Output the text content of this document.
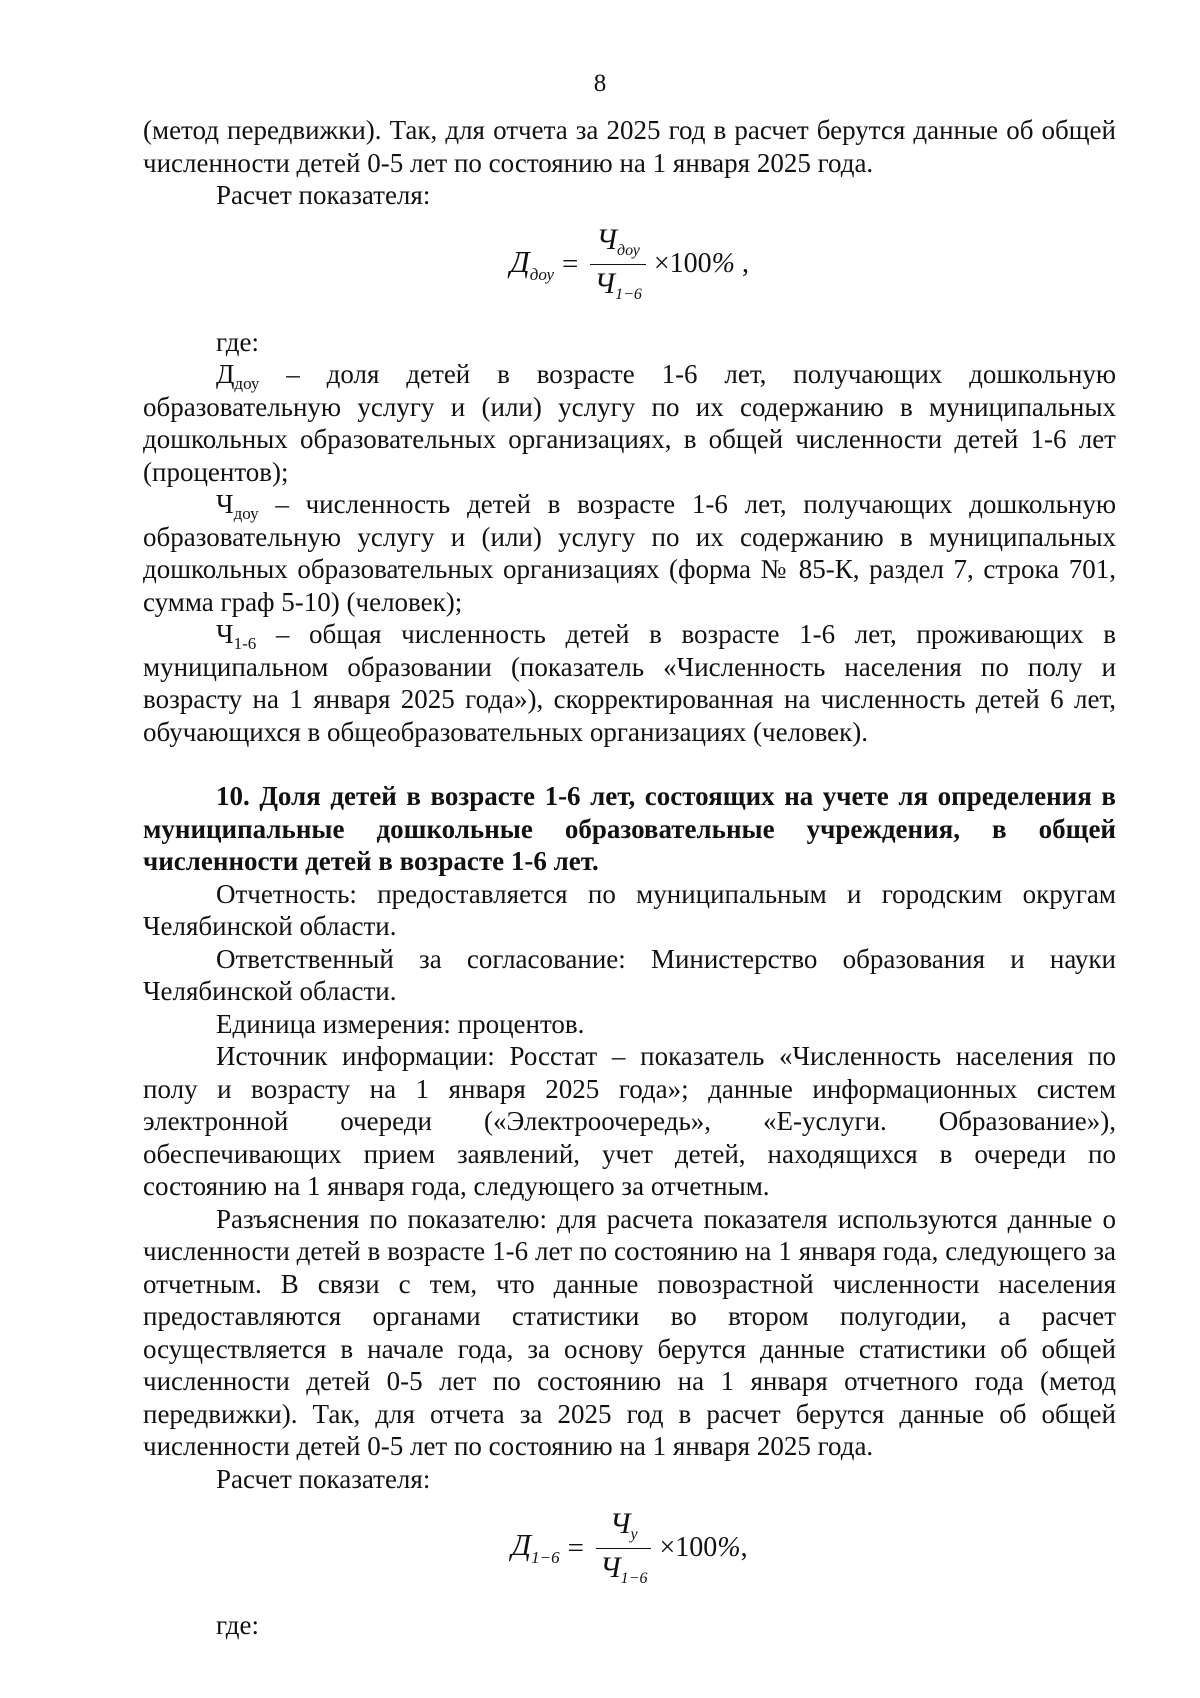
8

(метод передвижки). Так, для отчета за 2025 год в расчет берутся данные об общей численности детей 0-5 лет по состоянию на 1 января 2025 года.

Расчет показателя:

$Д_{доу} = \frac{Ч_{доу}}{Ч_{1-6}} \times 100\%$ ,

где:

$Д_{доу}$ – доля детей в возрасте 1-6 лет, получающих дошкольную образовательную услугу и (или) услугу по их содержанию в муниципальных дошкольных образовательных организациях, в общей численности детей 1-6 лет (процентов);

$Ч_{доу}$ – численность детей в возрасте 1-6 лет, получающих дошкольную образовательную услугу и (или) услугу по их содержанию в муниципальных дошкольных образовательных организациях (форма № 85-К, раздел 7, строка 701, сумма граф 5-10) (человек);

$Ч_{1-6}$ – общая численность детей в возрасте 1-6 лет, проживающих в муниципальном образовании (показатель «Численность населения по полу и возрасту на 1 января 2025 года»), скорректированная на численность детей 6 лет, обучающихся в общеобразовательных организациях (человек).

10. Доля детей в возрасте 1-6 лет, состоящих на учете ля определения в муниципальные дошкольные образовательные учреждения, в общей численности детей в возрасте 1-6 лет.

Отчетность: предоставляется по муниципальным и городским округам Челябинской области.

Ответственный за согласование: Министерство образования и науки Челябинской области.

Единица измерения: процентов.

Источник информации: Росстат – показатель «Численность населения по полу и возрасту на 1 января 2025 года»; данные информационных систем электронной очереди («Электроочередь», «Е-услуги. Образование»), обеспечивающих прием заявлений, учет детей, находящихся в очереди по состоянию на 1 января года, следующего за отчетным.

Разъяснения по показателю: для расчета показателя используются данные о численности детей в возрасте 1-6 лет по состоянию на 1 января года, следующего за отчетным. В связи с тем, что данные повозрастной численности населения предоставляются органами статистики во втором полугодии, а расчет осуществляется в начале года, за основу берутся данные статистики об общей численности детей 0-5 лет по состоянию на 1 января отчетного года (метод передвижки). Так, для отчета за 2025 год в расчет берутся данные об общей численности детей 0-5 лет по состоянию на 1 января 2025 года.

Расчет показателя:

$Д_{1-6} = \frac{Ч_у}{Ч_{1-6}} \times 100\%$,

где:
